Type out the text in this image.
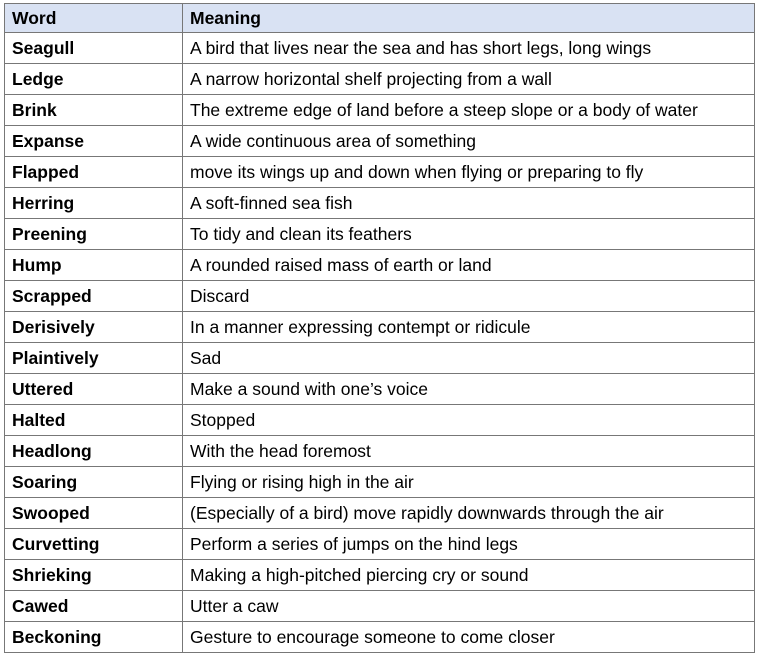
Word	Meaning
Seagull	A bird that lives near the sea and has short legs, long wings
Ledge	A narrow horizontal shelf projecting from a wall
Brink	The extreme edge of land before a steep slope or a body of water
Expanse	A wide continuous area of something
Flapped	move its wings up and down when flying or preparing to fly
Herring	A soft-finned sea fish
Preening	To tidy and clean its feathers
Hump	A rounded raised mass of earth or land
Scrapped	Discard
Derisively	In a manner expressing contempt or ridicule
Plaintively	Sad
Uttered	Make a sound with one’s voice
Halted	Stopped
Headlong	With the head foremost
Soaring	Flying or rising high in the air
Swooped	(Especially of a bird) move rapidly downwards through the air
Curvetting	Perform a series of jumps on the hind legs
Shrieking	Making a high-pitched piercing cry or sound
Cawed	Utter a caw
Beckoning	Gesture to encourage someone to come closer
